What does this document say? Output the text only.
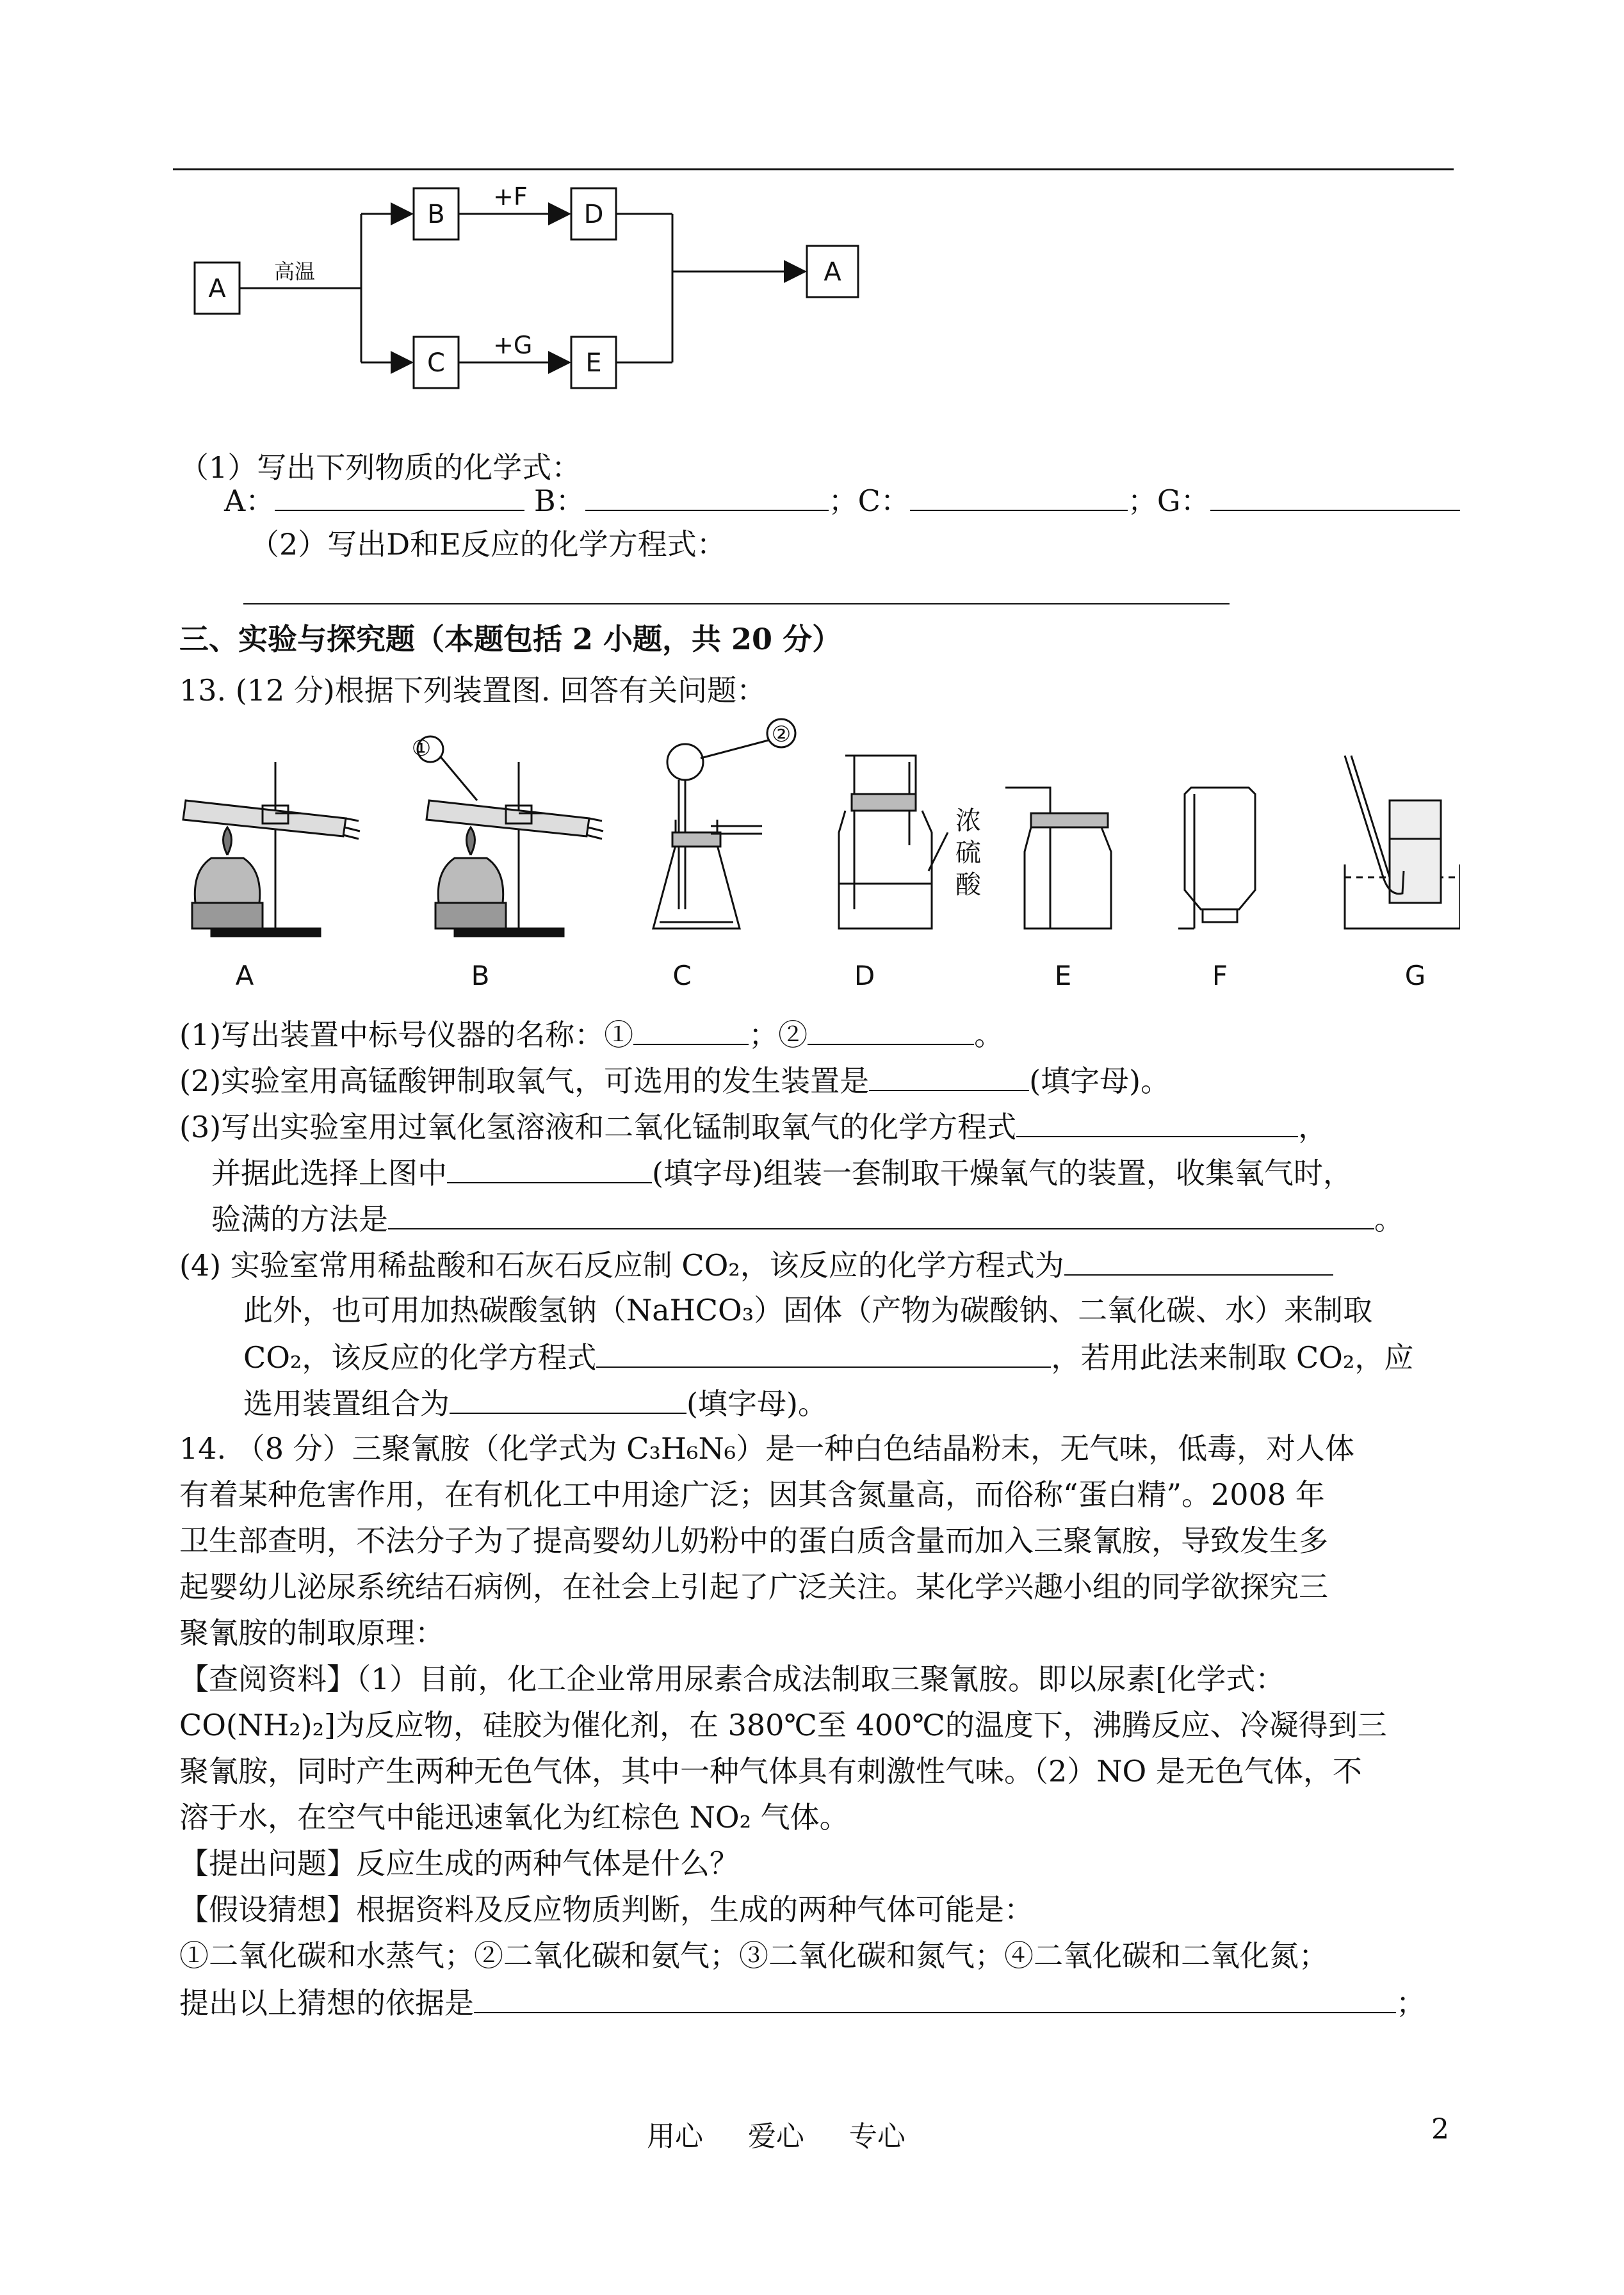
A
B	D
C	E
A
高温
+F
+G
（1）写出下列物质的化学式：
A：	B：	；C：	；G：
（2）写出D和E反应的化学方程式：
三、实验与探究题（本题包括 2 小题，共 20 分）
13. (12 分)根据下列装置图. 回答有关问题：
①
②
浓
硫
酸
A	B	C	D	E	F	G
(1)写出装置中标号仪器的名称：①	；②	。
(2)实验室用高锰酸钾制取氧气，可选用的发生装置是	(填字母)。
(3)写出实验室用过氧化氢溶液和二氧化锰制取氧气的化学方程式	，
并据此选择上图中	(填字母)组装一套制取干燥氧气的装置，收集氧气时，
验满的方法是	。
(4) 实验室常用稀盐酸和石灰石反应制 CO₂，该反应的化学方程式为
此外，也可用加热碳酸氢钠（NaHCO₃）固体（产物为碳酸钠、二氧化碳、水）来制取
CO₂，该反应的化学方程式	，若用此法来制取 CO₂，应
选用装置组合为	(填字母)。
14. （8 分）三聚氰胺（化学式为 C₃H₆N₆）是一种白色结晶粉末，无气味，低毒，对人体
有着某种危害作用，在有机化工中用途广泛；因其含氮量高，而俗称“蛋白精”。2008 年
卫生部查明，不法分子为了提高婴幼儿奶粉中的蛋白质含量而加入三聚氰胺，导致发生多
起婴幼儿泌尿系统结石病例，在社会上引起了广泛关注。某化学兴趣小组的同学欲探究三
聚氰胺的制取原理：
【查阅资料】（1）目前，化工企业常用尿素合成法制取三聚氰胺。即以尿素[化学式：
CO(NH₂)₂]为反应物，硅胶为催化剂，在 380℃至 400℃的温度下，沸腾反应、冷凝得到三
聚氰胺，同时产生两种无色气体，其中一种气体具有刺激性气味。（2）NO 是无色气体，不
溶于水，在空气中能迅速氧化为红棕色 NO₂ 气体。
【提出问题】反应生成的两种气体是什么？
【假设猜想】根据资料及反应物质判断，生成的两种气体可能是：
①二氧化碳和水蒸气；②二氧化碳和氨气；③二氧化碳和氮气；④二氧化碳和二氧化氮；
提出以上猜想的依据是	；
用心     爱心     专心	2
